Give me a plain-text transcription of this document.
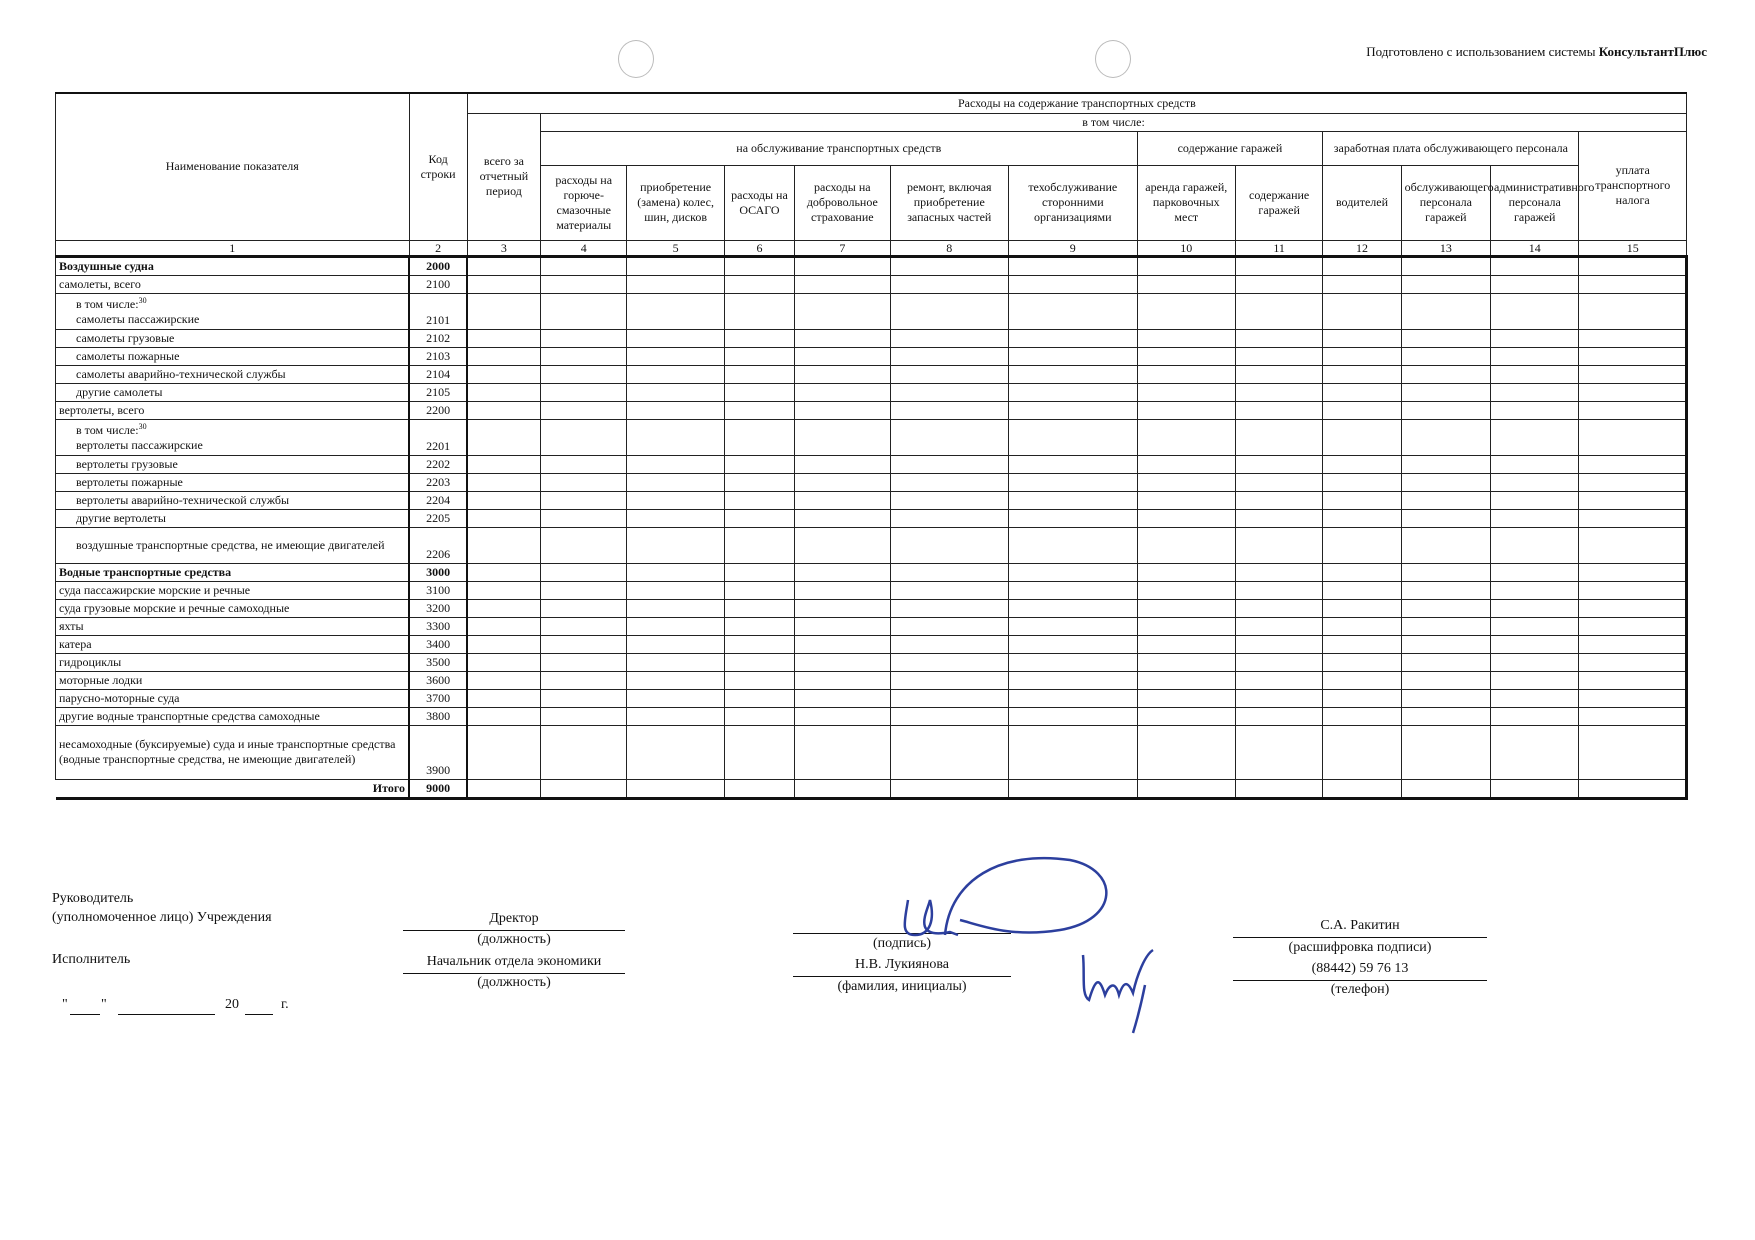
Подготовлено с использованием системы КонсультантПлюс
Наименование показателя	Код строки	Расходы на содержание транспортных средств												
		всего за отчетный период	в том числе:											
			на обслуживание транспортных средств						содержание гаражей		заработная плата обслуживающего персонала			уплата транспортного налога
			расходы на горюче-смазочные материалы	приобретение (замена) колес, шин, дисков	расходы на ОСАГО	расходы на добровольное страхование	ремонт, включая приобретение запасных частей	техобслуживание сторонними организациями	аренда гаражей, парковочных мест	содержание гаражей	водителей	обслуживающего персонала гаражей	административного персонала гаражей	
1	2	3	4	5	6	7	8	9	10	11	12	13	14	15
Воздушные судна	2000													
самолеты, всего	2100													

в том числе:$^{30}$
самолеты пассажирские	2101													
самолеты грузовые	2102													
самолеты пожарные	2103													
самолеты аварийно-технической службы	2104													
другие самолеты	2105													
вертолеты, всего	2200													

в том числе:$^{30}$
вертолеты пассажирские	2201													
вертолеты грузовые	2202													
вертолеты пожарные	2203													
вертолеты аварийно-технической службы	2204													
другие вертолеты	2205													
воздушные транспортные средства, не имеющие двигателей	2206													
Водные транспортные средства	3000													
суда пассажирские морские и речные	3100													
суда грузовые морские и речные самоходные	3200													
яхты	3300													
катера	3400													
гидроциклы	3500													
моторные лодки	3600													
парусно-моторные суда	3700													
другие водные транспортные средства самоходные	3800													
несамоходные (буксируемые) суда и иные транспортные средства (водные транспортные средства, не имеющие двигателей)	3900													
Итого	9000													
Руководитель
(уполномоченное лицо) Учреждения	Дректор
(должность)	(подпись)
С.А. Ракитин
(расшифровка подписи)
Исполнитель	Начальник отдела экономики
(должность)
Н.В. Лукиянова
(фамилия, инициалы)
(88442) 59 76 13
(телефон)
" "	20	г.
